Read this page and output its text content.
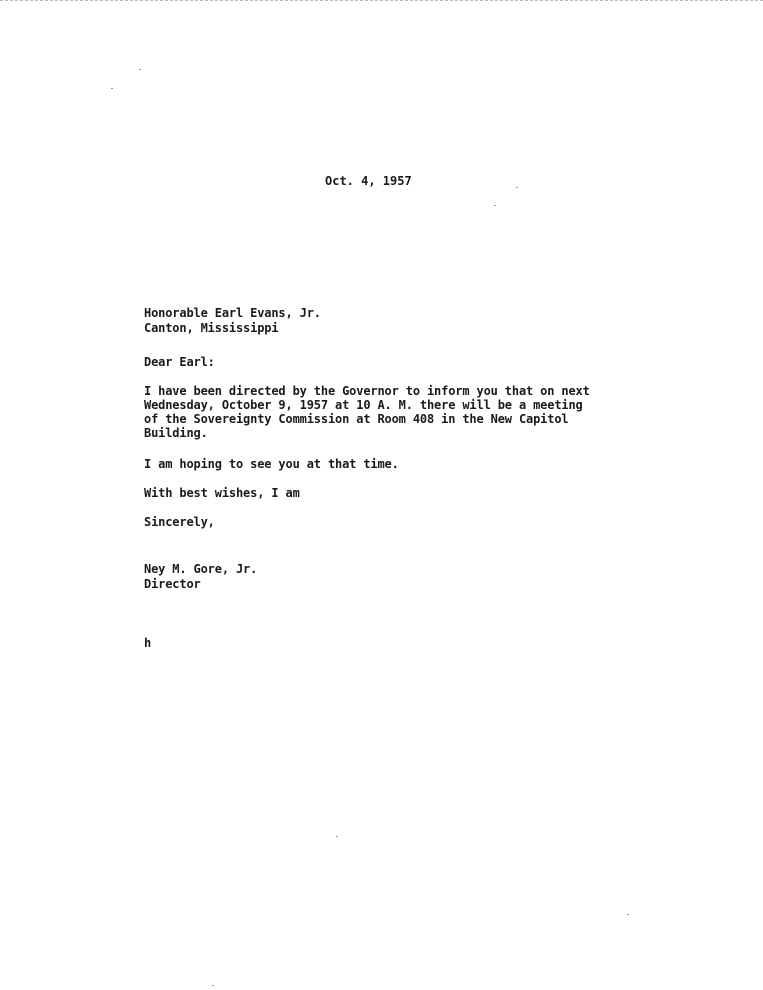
Oct. 4, 1957
Honorable Earl Evans, Jr.
Canton, Mississippi
Dear Earl:
I have been directed by the Governor to inform you that on next
Wednesday, October 9, 1957 at 10 A. M. there will be a meeting
of the Sovereignty Commission at Room 408 in the New Capitol
Building.
I am hoping to see you at that time.
With best wishes, I am
Sincerely,
Ney M. Gore, Jr.
Director
h
